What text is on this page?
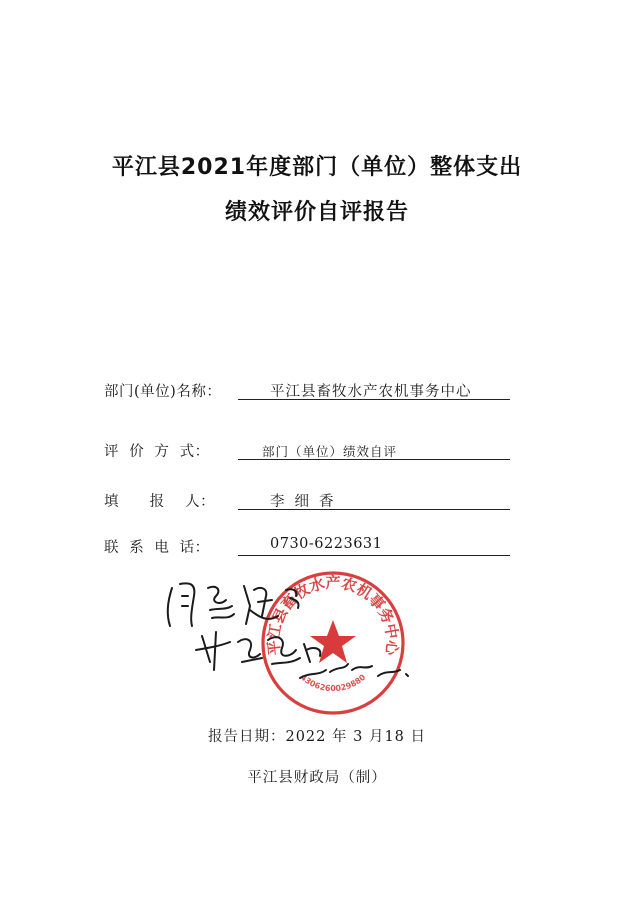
平江县2021年度部门（单位）整体支出
绩效评价自评报告
部门(单位)名称：	平江县畜牧水产农机事务中心
评  价  方  式：	部门（单位）绩效自评
填      报    人：	李细香
联  系  电  话：	0730-6223631
平江县畜牧水产农机事务中心
4306260029880
报告日期：2022 年 3 月18 日
平江县财政局（制）
